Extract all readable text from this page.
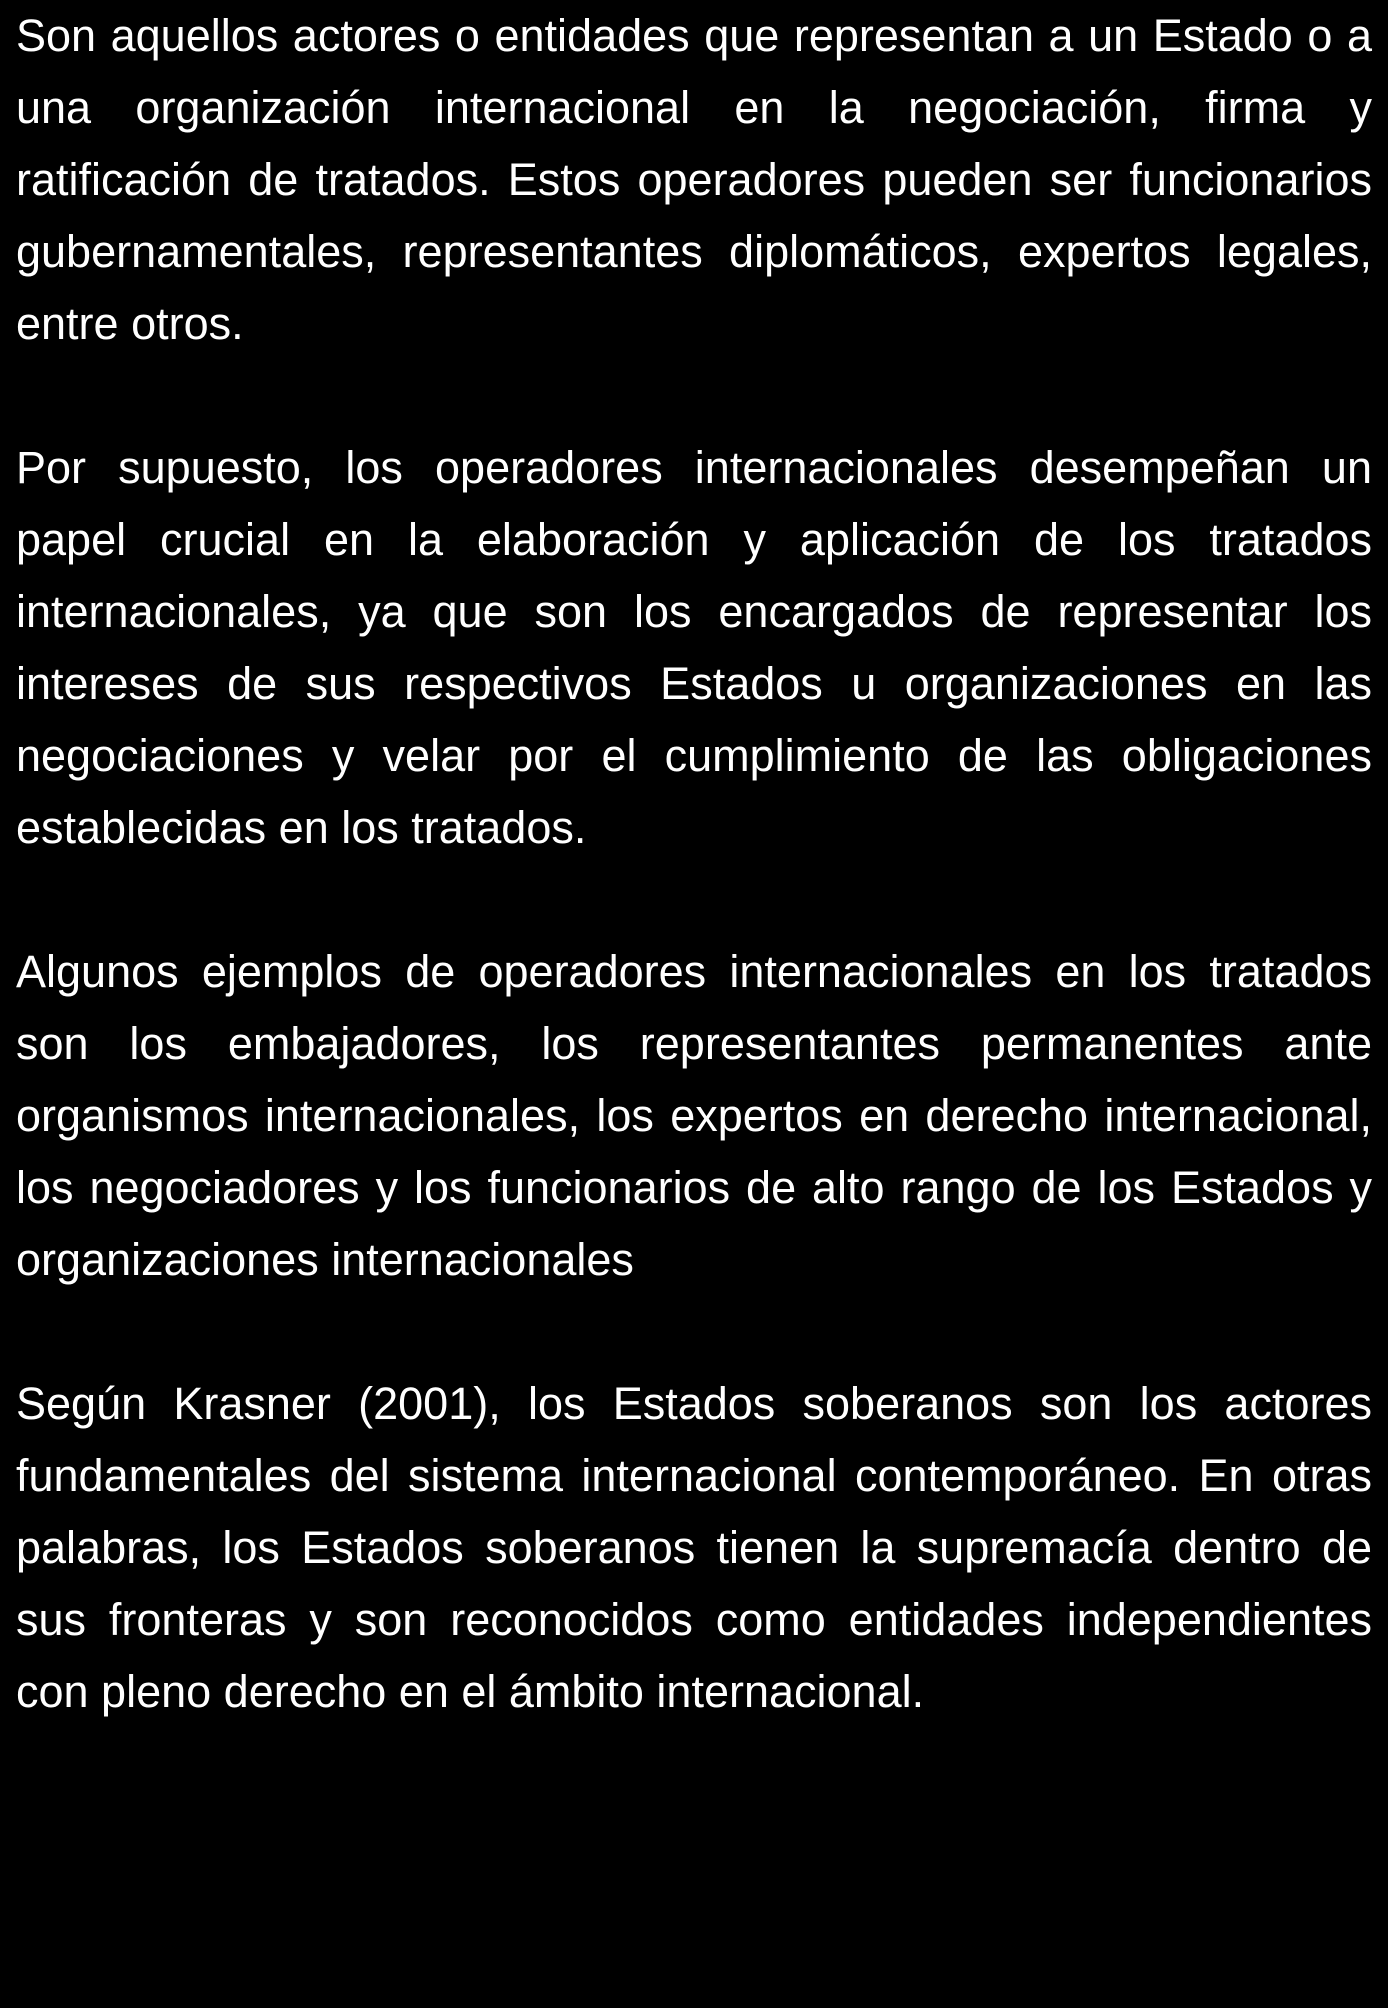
Son aquellos actores o entidades que representan a un Estado o a una organización internacional en la negociación, firma y ratificación de tratados. Estos operadores pueden ser funcionarios gubernamentales, representantes diplomáticos, expertos legales, entre otros.

Por supuesto, los operadores internacionales desempeñan un papel crucial en la elaboración y aplicación de los tratados internacionales, ya que son los encargados de representar los intereses de sus respectivos Estados u organizaciones en las negociaciones y velar por el cumplimiento de las obligaciones establecidas en los tratados.

Algunos ejemplos de operadores internacionales en los tratados son los embajadores, los representantes permanentes ante organismos internacionales, los expertos en derecho internacional, los negociadores y los funcionarios de alto rango de los Estados y organizaciones internacionales

Según Krasner (2001), los Estados soberanos son los actores fundamentales del sistema internacional contemporáneo. En otras palabras, los Estados soberanos tienen la supremacía dentro de sus fronteras y son reconocidos como entidades independientes con pleno derecho en el ámbito internacional.
